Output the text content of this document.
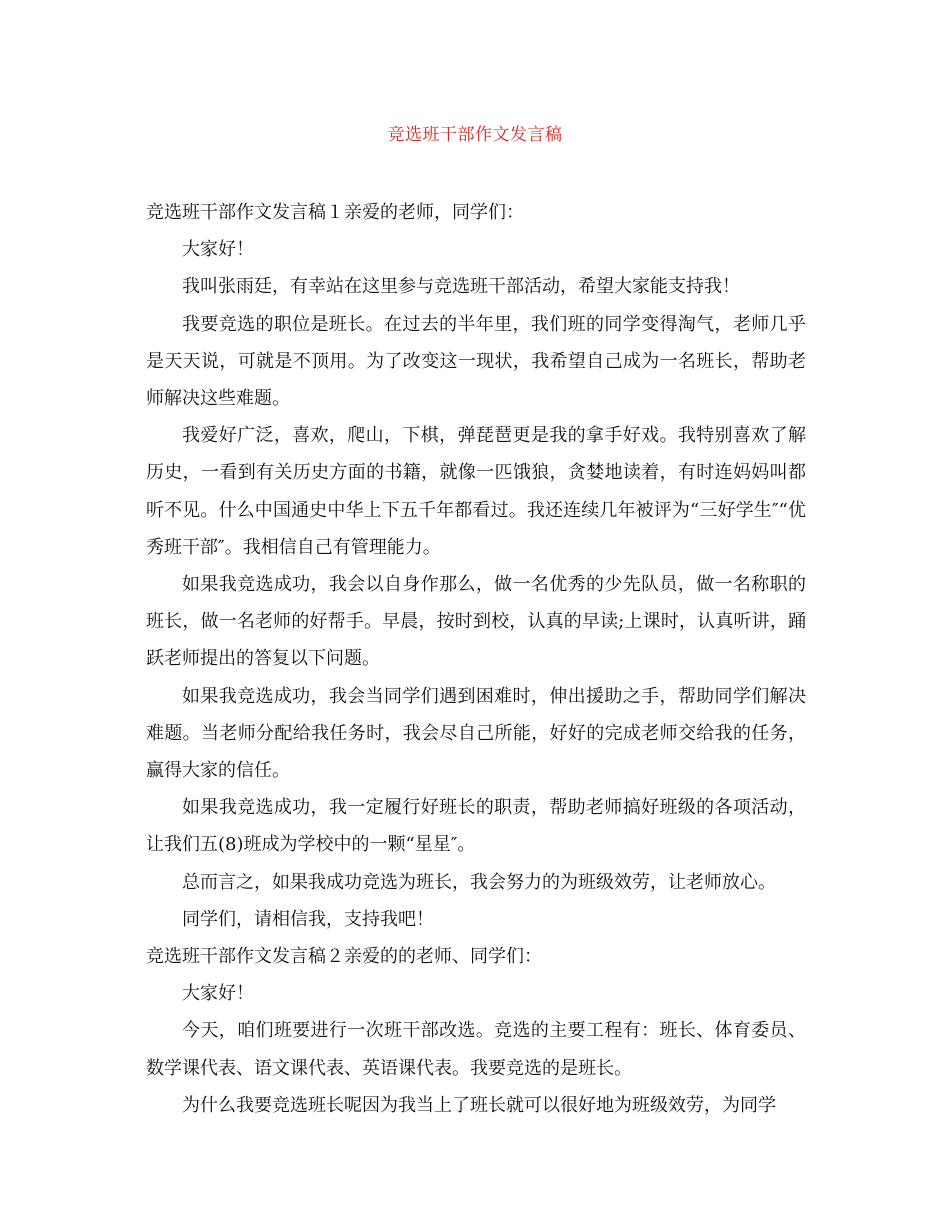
竞选班干部作文发言稿

竞选班干部作文发言稿１亲爱的老师，同学们：

大家好！

我叫张雨廷，有幸站在这里参与竞选班干部活动，希望大家能支持我！

我要竞选的职位是班长。在过去的半年里，我们班的同学变得淘气，老师几乎是天天说，可就是不顶用。为了改变这一现状，我希望自己成为一名班长，帮助老师解决这些难题。

我爱好广泛，喜欢，爬山，下棋，弹琵琶更是我的拿手好戏。我特别喜欢了解历史，一看到有关历史方面的书籍，就像一匹饿狼，贪婪地读着，有时连妈妈叫都听不见。什么中国通史中华上下五千年都看过。我还连续几年被评为“三好学生″“优秀班干部″。我相信自己有管理能力。

如果我竞选成功，我会以自身作那么，做一名优秀的少先队员，做一名称职的班长，做一名老师的好帮手。早晨，按时到校，认真的早读;上课时，认真听讲，踊跃老师提出的答复以下问题。

如果我竞选成功，我会当同学们遇到困难时，伸出援助之手，帮助同学们解决难题。当老师分配给我任务时，我会尽自己所能，好好的完成老师交给我的任务，赢得大家的信任。

如果我竞选成功，我一定履行好班长的职责，帮助老师搞好班级的各项活动，让我们五(8)班成为学校中的一颗“星星″。

总而言之，如果我成功竞选为班长，我会努力的为班级效劳，让老师放心。

同学们，请相信我，支持我吧！

竞选班干部作文发言稿２亲爱的的老师、同学们：

大家好！

今天，咱们班要进行一次班干部改选。竞选的主要工程有：班长、体育委员、数学课代表、语文课代表、英语课代表。我要竞选的是班长。

为什么我要竞选班长呢因为我当上了班长就可以很好地为班级效劳，为同学
